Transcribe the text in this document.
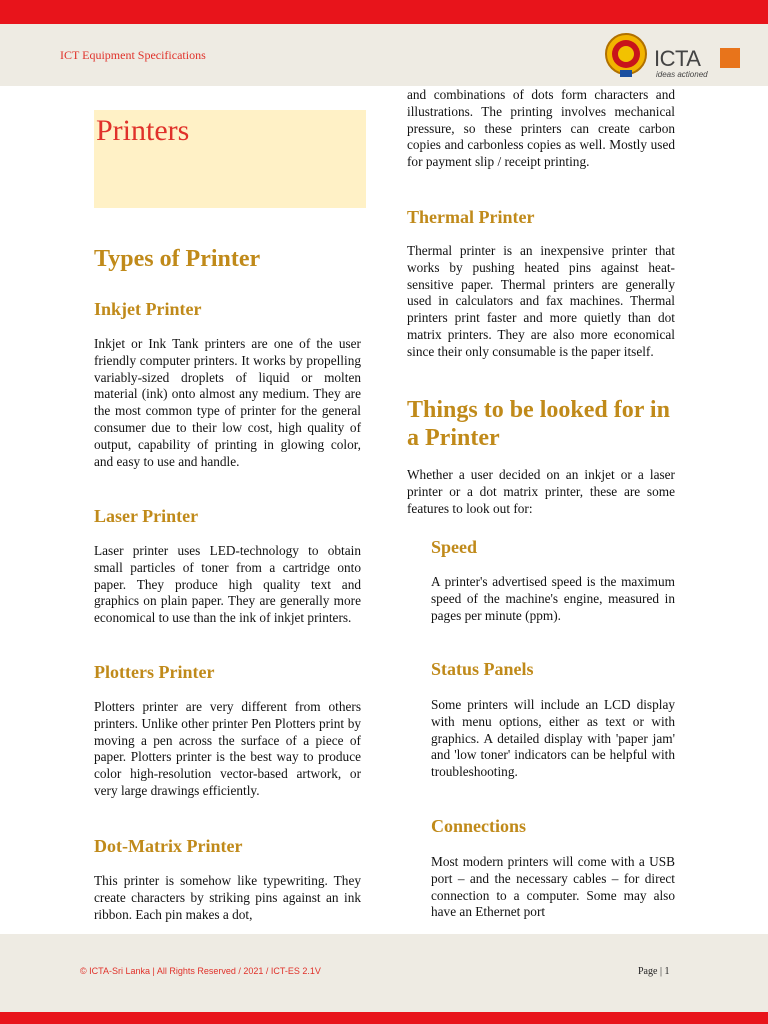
ICT Equipment Specifications	ICTA
ideas actioned
Printers
Types of Printer
Inkjet Printer

Inkjet or Ink Tank printers are one of the user friendly computer printers. It works by propelling variably-sized droplets of liquid or molten material (ink) onto almost any medium. They are the most common type of printer for the general consumer due to their low cost, high quality of output, capability of printing in glowing color, and easy to use and handle.

Laser Printer

Laser printer uses LED-technology to obtain small particles of toner from a cartridge onto paper. They produce high quality text and graphics on plain paper. They are generally more economical to use than the ink of inkjet printers.

Plotters Printer

Plotters printer are very different from others printers. Unlike other printer Pen Plotters print by moving a pen across the surface of a piece of paper. Plotters printer is the best way to produce color high-resolution vector-based artwork, or very large drawings efficiently.

Dot-Matrix Printer

This printer is somehow like typewriting. They create characters by striking pins against an ink ribbon. Each pin makes a dot,

and combinations of dots form characters and illustrations. The printing involves mechanical pressure, so these printers can create carbon copies and carbonless copies as well. Mostly used for payment slip / receipt printing.

Thermal Printer

Thermal printer is an inexpensive printer that works by pushing heated pins against heat-sensitive paper. Thermal printers are generally used in calculators and fax machines. Thermal printers print faster and more quietly than dot matrix printers. They are also more economical since their only consumable is the paper itself.

Things to be looked for in a Printer

Whether a user decided on an inkjet or a laser printer or a dot matrix printer, these are some features to look out for:

Speed

A printer's advertised speed is the maximum speed of the machine's engine, measured in pages per minute (ppm).

Status Panels

Some printers will include an LCD display with menu options, either as text or with graphics. A detailed display with 'paper jam' and 'low toner' indicators can be helpful with troubleshooting.

Connections

Most modern printers will come with a USB port – and the necessary cables – for direct connection to a computer. Some may also have an Ethernet port

© ICTA-Sri Lanka | All Rights Reserved / 2021 / ICT-ES 2.1V	Page | 1
